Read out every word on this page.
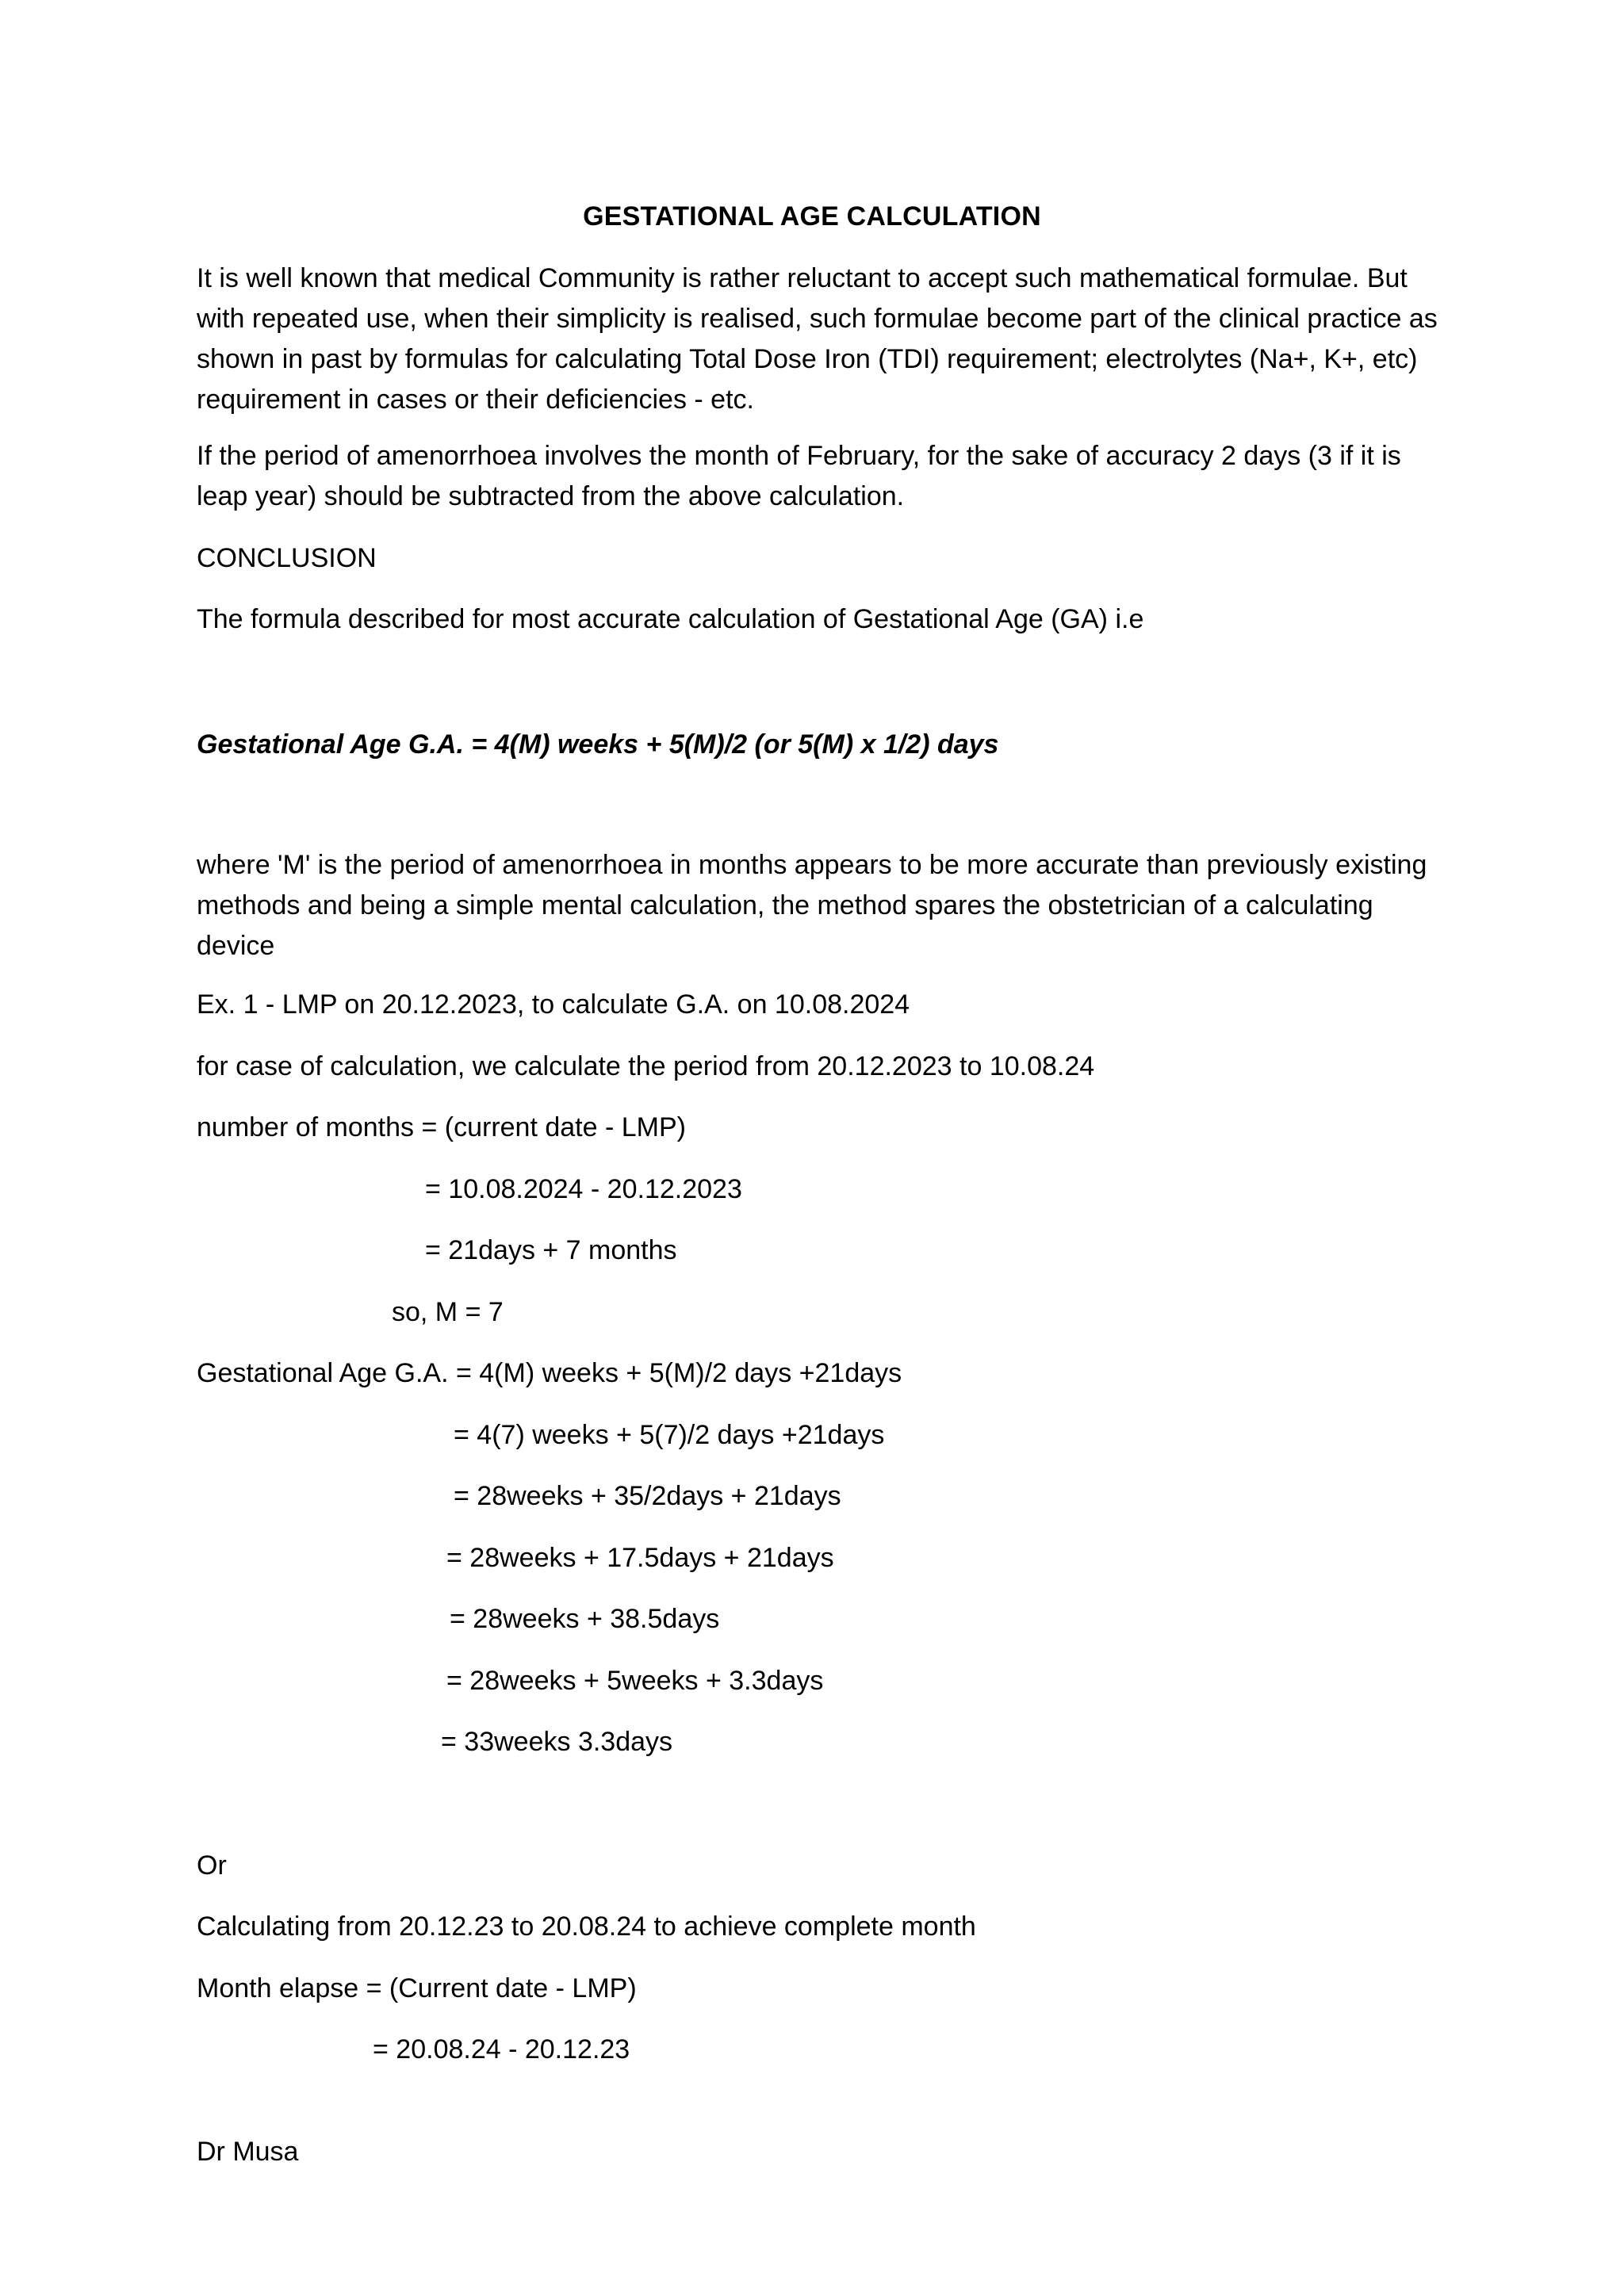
GESTATIONAL AGE CALCULATION

It is well known that medical Community is rather reluctant to accept such mathematical formulae. But with repeated use, when their simplicity is realised, such formulae become part of the clinical practice as shown in past by formulas for calculating Total Dose Iron (TDI) requirement; electrolytes (Na+, K+, etc) requirement in cases or their deficiencies - etc.

If the period of amenorrhoea involves the month of February, for the sake of accuracy 2 days (3 if it is leap year) should be subtracted from the above calculation.

CONCLUSION
The formula described for most accurate calculation of Gestational Age (GA) i.e
Gestational Age G.A. = 4(M) weeks + 5(M)/2 (or 5(M) x 1/2) days

where 'M' is the period of amenorrhoea in months appears to be more accurate than previously existing methods and being a simple mental calculation, the method spares the obstetrician of a calculating device

Ex. 1 - LMP on 20.12.2023, to calculate G.A. on 10.08.2024
for case of calculation, we calculate the period from 20.12.2023 to 10.08.24
number of months = (current date - LMP)
= 10.08.2024 - 20.12.2023
= 21days + 7 months
so, M = 7
Gestational Age G.A. = 4(M) weeks + 5(M)/2 days +21days
= 4(7) weeks + 5(7)/2 days +21days
= 28weeks + 35/2days + 21days
= 28weeks + 17.5days + 21days
= 28weeks + 38.5days
= 28weeks + 5weeks + 3.3days
= 33weeks 3.3days
Or
Calculating from 20.12.23 to 20.08.24 to achieve complete month
Month elapse = (Current date - LMP)
= 20.08.24 - 20.12.23
Dr Musa
